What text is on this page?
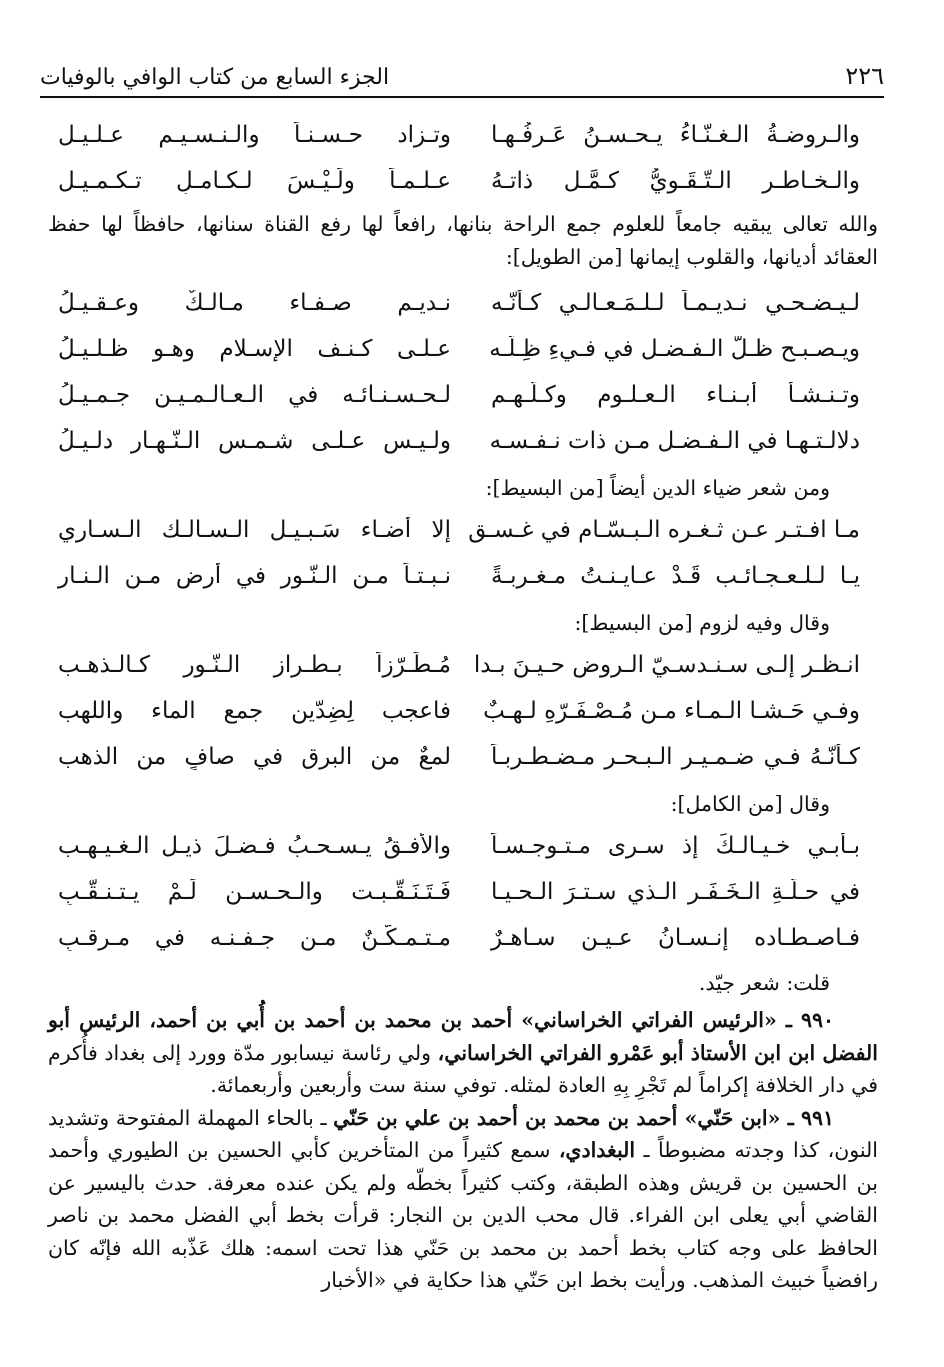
٢٢٦
الجزء السابع من كتاب الوافي بالوفيات
والـروضـةُ الـغـنّـاءُ يـحـسـنُ عَـرفُـهـا
وتـزاد حـسـنـاً والـنـسـيـم عـلـيـل
والـخـاطـر الـتّـقَـويُّ كـمَّـل ذاتـهُ
عـلـمـاً ولَـيْـسَ لـكـامـلٍ تـكـمـيـل

والله تعالى يبقيه جامعاً للعلوم جمع الراحة بنانها، رافعاً لها رفع القناة سنانها، حافظاً لها حفظ العقائد أديانها، والقلوب إيمانها [من الطويل]:

لـيـضـحـي نـديـمـاً لـلـمَـعـالـي كـأنّـه
نـديـم صـفـاء مـالـكٌ وعـقـيـلُ
ويـصـبـح ظـلُّ الـفـضـل في فـيءِ ظِـلّـه
عـلـى كـنـف الإسـلام وهـو ظـلـيـلُ
وتـنـشـأ أبـنـاء الـعـلـوم وكـلّـهـم
لـحـسـنـائـه في الـعـالـمـيـن جـمـيـلُ
دلالـتـهـا في الـفـضـل مـن ذات نـفـسـه
ولـيـس عـلـى شـمـس الـنّـهـار دلـيـلُ

ومن شعر ضياء الدين أيضاً [من البسيط]:

مـا افـتـر عـن ثـغـره الـبـسّـام في غـسـق
إلا أضـاء سَـبـيـل الـسـالـك الـسـاري
يـا لـلـعـجـائـب قَـدْ عـايـنـتُ مـغـربـةً
نـبـتـاً مـن الـنّـورِ في أرضٍ مـن الـنـار

وقال وفيه لزوم [من البسيط]:

انـظـر إلـى سـنـدسـيّ الـروضِ حـيـنَ بـدا
مُـطَـرّزاً بـطـراز الـنّـور كـالـذهـب
وفـي حَـشـا الـمـاء مـن مُـصْـفَـرّهِ لـهـبٌ
فاعجب لِضِدّينِ جمع الماء واللهب
كـأنّـهُ فـي ضـمـيـر الـبـحـرِ مـضـطـربـاً
لمعٌ من البرق في صافٍ من الذهب

وقال [من الكامل]:

بـأبـي خـيـالـكَ إذ سـرى مـتـوجـسـاً
والأفـقُ يـسـحـبُ فـضـلَ ذيـل الـغـيـهـب
في حـلّـةِ الـخَـفَـرِ الـذي سـتـرَ الـحـيـا
فَـتَـنَـقّـبـت والـحـسـن لَـمْ يـتـنـقّـبِ
فـاصـطـاده إنـسـانُ عـيـنٍ سـاهـرٌ
مـتـمـكّـنٌ مـن جـفـنـه في مـرقـبِ

قلت: شعر جيّد.

٩٩٠ ـ «الرئيس الفراتي الخراساني» أحمد بن محمد بن أحمد بن أُبي بن أحمد، الرئيس أبو الفضل ابن ابن الأستاذ أبو عَمْرو الفراتي الخراساني، ولي رئاسة نيسابور مدّة وورد إلى بغداد فأُكرم في دار الخلافة إكراماً لم تَجْرِ بِهِ العادة لمثله. توفي سنة ست وأربعين وأربعمائة.

٩٩١ ـ «ابن حَنّي» أحمد بن محمد بن أحمد بن علي بن حَنّي ـ بالحاء المهملة المفتوحة وتشديد النون، كذا وجدته مضبوطاً ـ البغدادي، سمع كثيراً من المتأخرين كأبي الحسين بن الطيوري وأحمد بن الحسين بن قريش وهذه الطبقة، وكتب كثيراً بخطّه ولم يكن عنده معرفة. حدث باليسير عن القاضي أبي يعلى ابن الفراء. قال محب الدين بن النجار: قرأت بخط أبي الفضل محمد بن ناصر الحافظ على وجه كتاب بخط أحمد بن محمد بن حَنّي هذا تحت اسمه: هلك عَذّبه الله فإنّه كان رافضياً خبيث المذهب. ورأيت بخط ابن حَنّي هذا حكاية في «الأخبار
